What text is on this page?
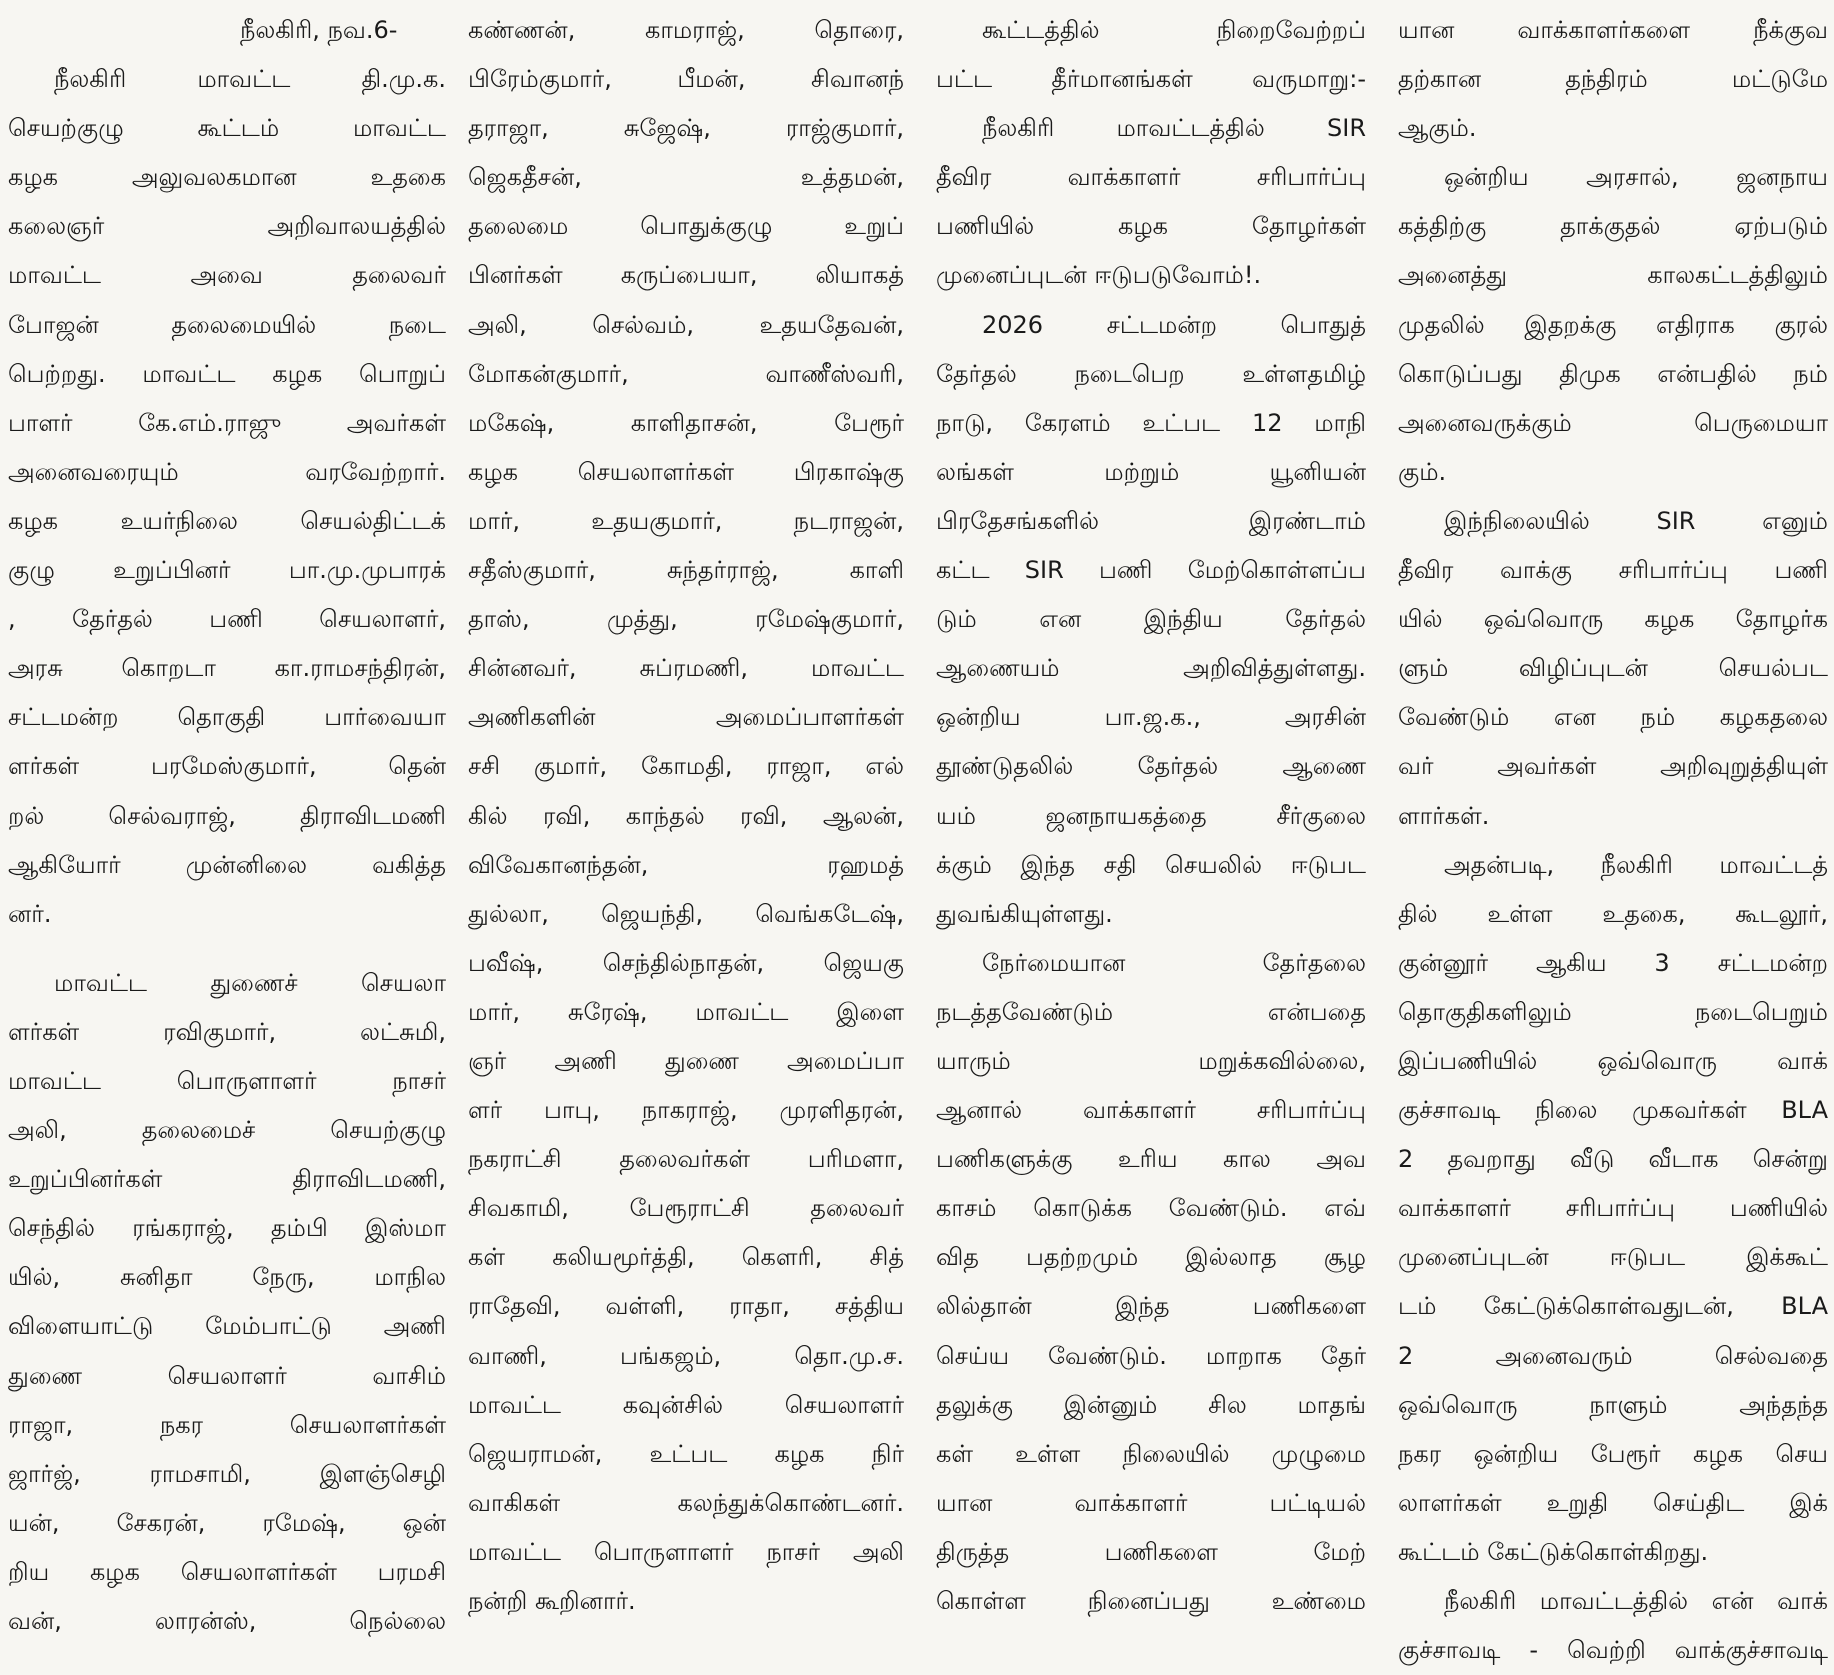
நீலகிரி, நவ.6-
நீலகிரி மாவட்ட தி.மு.க.
செயற்குழு கூட்டம் மாவட்ட
கழக அலுவலகமான உதகை
கலைஞர் அறிவாலயத்தில்
மாவட்ட அவை தலைவர்
போஜன் தலைமையில் நடை
பெற்றது. மாவட்ட கழக பொறுப்
பாளர் கே.எம்.ராஜு அவர்கள்
அனைவரையும் வரவேற்றார்.
கழக உயர்நிலை செயல்திட்டக்
குழு உறுப்பினர் பா.மு.முபாரக்
, தேர்தல் பணி செயலாளர்,
அரசு கொறடா கா.ராமசந்திரன்,
சட்டமன்ற தொகுதி பார்வையா
ளர்கள் பரமேஸ்குமார், தென்
றல் செல்வராஜ், திராவிடமணி
ஆகியோர் முன்னிலை வகித்த
னர்.
மாவட்ட துணைச் செயலா
ளர்கள் ரவிகுமார், லட்சுமி,
மாவட்ட பொருளாளர் நாசர்
அலி, தலைமைச் செயற்குழு
உறுப்பினர்கள் திராவிடமணி,
செந்தில் ரங்கராஜ், தம்பி இஸ்மா
யில், சுனிதா நேரு, மாநில
விளையாட்டு மேம்பாட்டு அணி
துணை செயலாளர் வாசிம்
ராஜா, நகர செயலாளர்கள்
ஜார்ஜ், ராமசாமி, இளஞ்செழி
யன், சேகரன், ரமேஷ், ஒன்
றிய கழக செயலாளர்கள் பரமசி
வன், லாரன்ஸ், நெல்லை
கண்ணன், காமராஜ், தொரை,
பிரேம்குமார், பீமன், சிவானந்
தராஜா, சுஜேஷ், ராஜ்குமார்,
ஜெகதீசன், உத்தமன்,
தலைமை பொதுக்குழு உறுப்
பினர்கள் கருப்பையா, லியாகத்
அலி, செல்வம், உதயதேவன்,
மோகன்குமார், வாணீஸ்வரி,
மகேஷ், காளிதாசன், பேரூர்
கழக செயலாளர்கள் பிரகாஷ்கு
மார், உதயகுமார், நடராஜன்,
சதீஸ்குமார், சுந்தர்ராஜ், காளி
தாஸ், முத்து, ரமேஷ்குமார்,
சின்னவர், சுப்ரமணி, மாவட்ட
அணிகளின் அமைப்பாளர்கள்
சசி குமார், கோமதி, ராஜா, எல்
கில் ரவி, காந்தல் ரவி, ஆலன்,
விவேகானந்தன், ரஹமத்
துல்லா, ஜெயந்தி, வெங்கடேஷ்,
பவீஷ், செந்தில்நாதன், ஜெயகு
மார், சுரேஷ், மாவட்ட இளை
ஞர் அணி துணை அமைப்பா
ளர் பாபு, நாகராஜ், முரளிதரன்,
நகராட்சி தலைவர்கள் பரிமளா,
சிவகாமி, பேரூராட்சி தலைவர்
கள் கலியமூர்த்தி, கௌரி, சித்
ராதேவி, வள்ளி, ராதா, சத்திய
வாணி, பங்கஜம், தொ.மு.ச.
மாவட்ட கவுன்சில் செயலாளர்
ஜெயராமன், உட்பட கழக நிர்
வாகிகள் கலந்துக்கொண்டனர்.
மாவட்ட பொருளாளர் நாசர் அலி
நன்றி கூறினார்.
கூட்டத்தில் நிறைவேற்றப்
பட்ட தீர்மானங்கள் வருமாறு:-
நீலகிரி மாவட்டத்தில் SIR
தீவிர வாக்காளர் சரிபார்ப்பு
பணியில் கழக தோழர்கள்
முனைப்புடன் ஈடுபடுவோம்!.
2026 சட்டமன்ற பொதுத்
தேர்தல் நடைபெற உள்ளதமிழ்
நாடு, கேரளம் உட்பட 12 மாநி
லங்கள் மற்றும் யூனியன்
பிரதேசங்களில் இரண்டாம்
கட்ட SIR பணி மேற்கொள்ளப்ப
டும் என இந்திய தேர்தல்
ஆணையம் அறிவித்துள்ளது.
ஒன்றிய பா.ஜ.க., அரசின்
தூண்டுதலில் தேர்தல் ஆணை
யம் ஜனநாயகத்தை சீர்குலை
க்கும் இந்த சதி செயலில் ஈடுபட
துவங்கியுள்ளது.
நேர்மையான தேர்தலை
நடத்தவேண்டும் என்பதை
யாரும் மறுக்கவில்லை,
ஆனால் வாக்காளர் சரிபார்ப்பு
பணிகளுக்கு உரிய கால அவ
காசம் கொடுக்க வேண்டும். எவ்
வித பதற்றமும் இல்லாத சூழ
லில்தான் இந்த பணிகளை
செய்ய வேண்டும். மாறாக தேர்
தலுக்கு இன்னும் சில மாதங்
கள் உள்ள நிலையில் முழுமை
யான வாக்காளர் பட்டியல்
திருத்த பணிகளை மேற்
கொள்ள நினைப்பது உண்மை
யான வாக்காளர்களை நீக்குவ
தற்கான தந்திரம் மட்டுமே
ஆகும்.
ஒன்றிய அரசால், ஜனநாய
கத்திற்கு தாக்குதல் ஏற்படும்
அனைத்து காலகட்டத்திலும்
முதலில் இதறக்கு எதிராக குரல்
கொடுப்பது திமுக என்பதில் நம்
அனைவருக்கும் பெருமையா
கும்.
இந்நிலையில் SIR எனும்
தீவிர வாக்கு சரிபார்ப்பு பணி
யில் ஒவ்வொரு கழக தோழர்க
ளும் விழிப்புடன் செயல்பட
வேண்டும் என நம் கழகதலை
வர் அவர்கள் அறிவுறுத்தியுள்
ளார்கள்.
அதன்படி, நீலகிரி மாவட்டத்
தில் உள்ள உதகை, கூடலூர்,
குன்னூர் ஆகிய 3 சட்டமன்ற
தொகுதிகளிலும் நடைபெறும்
இப்பணியில் ஒவ்வொரு வாக்
குச்சாவடி நிலை முகவர்கள் BLA
2 தவறாது வீடு வீடாக சென்று
வாக்காளர் சரிபார்ப்பு பணியில்
முனைப்புடன் ஈடுபட இக்கூட்
டம் கேட்டுக்கொள்வதுடன், BLA
2 அனைவரும் செல்வதை
ஒவ்வொரு நாளும் அந்தந்த
நகர ஒன்றிய பேரூர் கழக செய
லாளர்கள் உறுதி செய்திட இக்
கூட்டம் கேட்டுக்கொள்கிறது.
நீலகிரி மாவட்டத்தில் என் வாக்
குச்சாவடி - வெற்றி வாக்குச்சாவடி
